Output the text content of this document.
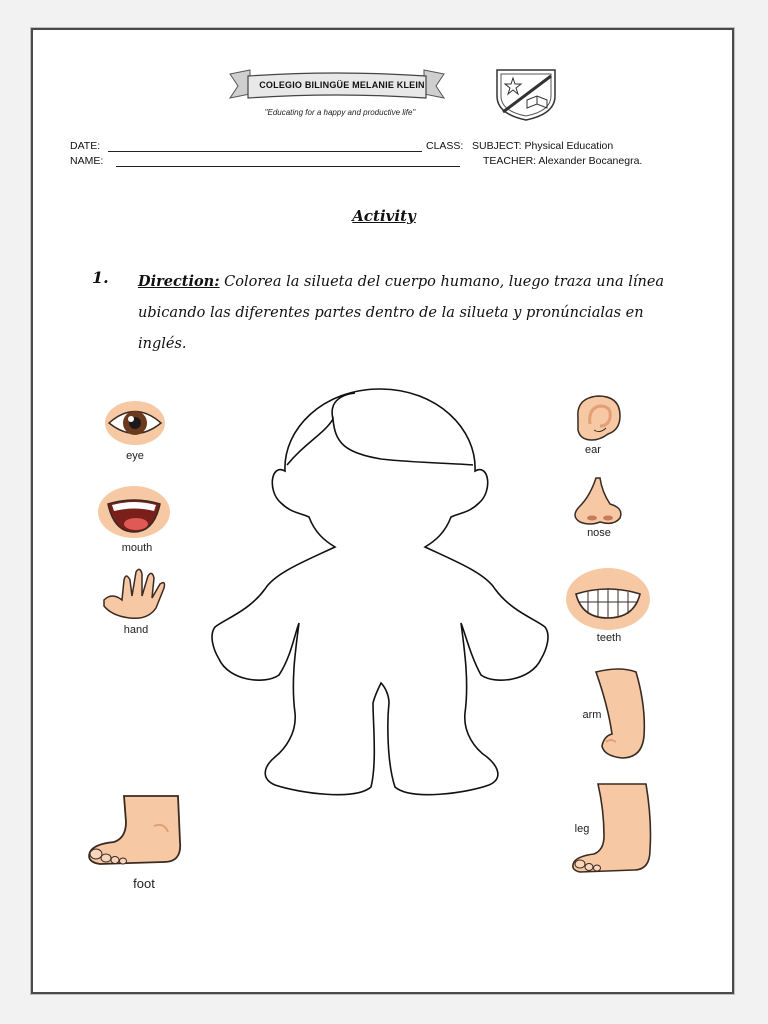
COLEGIO BILINGÜE MELANIE KLEIN
"Educating for a happy and productive life"
DATE:	CLASS: SUBJECT: Physical Education
NAME:	TEACHER: Alexander Bocanegra.
Activity
1. Direction: Colorea la silueta del cuerpo humano, luego traza una línea ubicando las diferentes partes dentro de la silueta y pronúncialas en inglés.
eye
mouth
hand
foot
ear
nose
teeth
arm
leg
